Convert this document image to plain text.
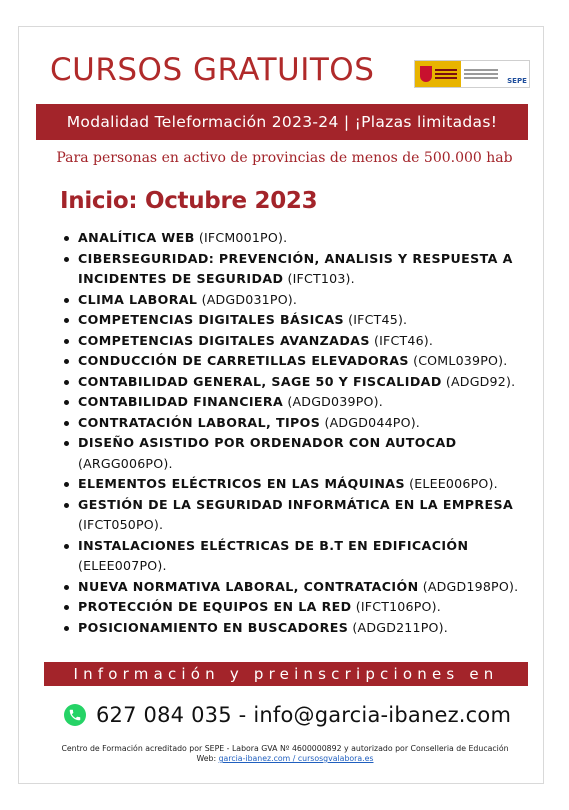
CURSOS GRATUITOS	SEPE
Modalidad Teleformación 2023-24 | ¡Plazas limitadas!
Para personas en activo de provincias de menos de 500.000 hab
Inicio: Octubre 2023
ANALÍTICA WEB (IFCM001PO).
CIBERSEGURIDAD: PREVENCIÓN, ANALISIS Y RESPUESTA A INCIDENTES DE SEGURIDAD (IFCT103).
CLIMA LABORAL (ADGD031PO).
COMPETENCIAS DIGITALES BÁSICAS (IFCT45).
COMPETENCIAS DIGITALES AVANZADAS (IFCT46).
CONDUCCIÓN DE CARRETILLAS ELEVADORAS (COML039PO).
CONTABILIDAD GENERAL, SAGE 50 Y FISCALIDAD (ADGD92).
CONTABILIDAD FINANCIERA (ADGD039PO).
CONTRATACIÓN LABORAL, TIPOS (ADGD044PO).
DISEÑO ASISTIDO POR ORDENADOR CON AUTOCAD (ARGG006PO).
ELEMENTOS ELÉCTRICOS EN LAS MÁQUINAS (ELEE006PO).
GESTIÓN DE LA SEGURIDAD INFORMÁTICA EN LA EMPRESA (IFCT050PO).
INSTALACIONES ELÉCTRICAS DE B.T EN EDIFICACIÓN (ELEE007PO).
NUEVA NORMATIVA LABORAL, CONTRATACIÓN (ADGD198PO).
PROTECCIÓN DE EQUIPOS EN LA RED (IFCT106PO).
POSICIONAMIENTO EN BUSCADORES (ADGD211PO).
Información y preinscripciones en
627 084 035 - info@garcia-ibanez.com
Centro de Formación acreditado por SEPE - Labora GVA Nº 4600000892 y autorizado por Conselleria de Educación
Web: garcia-ibanez.com / cursosgvalabora.es
